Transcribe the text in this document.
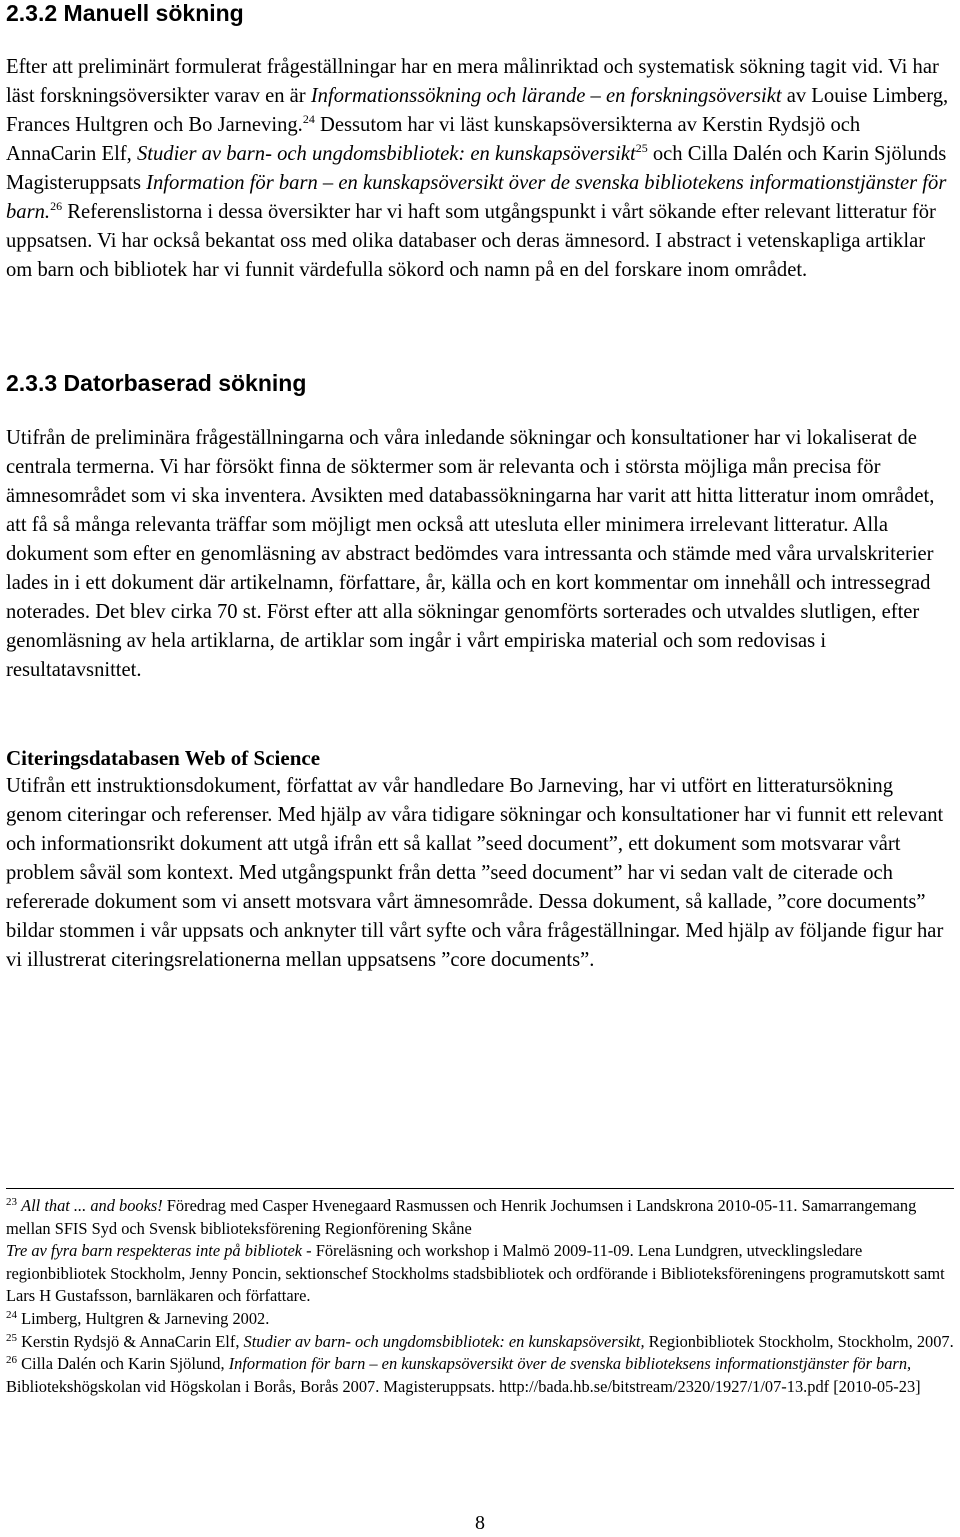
2.3.2 Manuell sökning

Efter att preliminärt formulerat frågeställningar har en mera målinriktad och systematisk sökning tagit vid. Vi har läst forskningsöversikter varav en är Informationssökning och lärande – en forskningsöversikt av Louise Limberg, Frances Hultgren och Bo Jarneving.$^{24}$ Dessutom har vi läst kunskapsöversikterna av Kerstin Rydsjö och AnnaCarin Elf, Studier av barn- och ungdomsbibliotek: en kunskapsöversikt$^{25}$ och Cilla Dalén och Karin Sjölunds Magisteruppsats Information för barn – en kunskapsöversikt över de svenska bibliotekens informationstjänster för barn.$^{26}$ Referenslistorna i dessa översikter har vi haft som utgångspunkt i vårt sökande efter relevant litteratur för uppsatsen. Vi har också bekantat oss med olika databaser och deras ämnesord. I abstract i vetenskapliga artiklar om barn och bibliotek har vi funnit värdefulla sökord och namn på en del forskare inom området.

2.3.3 Datorbaserad sökning

Utifrån de preliminära frågeställningarna och våra inledande sökningar och konsultationer har vi lokaliserat de centrala termerna. Vi har försökt finna de söktermer som är relevanta och i största möjliga mån precisa för ämnesområdet som vi ska inventera. Avsikten med databassökningarna har varit att hitta litteratur inom området, att få så många relevanta träffar som möjligt men också att utesluta eller minimera irrelevant litteratur. Alla dokument som efter en genomläsning av abstract bedömdes vara intressanta och stämde med våra urvalskriterier lades in i ett dokument där artikelnamn, författare, år, källa och en kort kommentar om innehåll och intressegrad noterades. Det blev cirka 70 st. Först efter att alla sökningar genomförts sorterades och utvaldes slutligen, efter genomläsning av hela artiklarna, de artiklar som ingår i vårt empiriska material och som redovisas i resultatavsnittet.

Citeringsdatabasen Web of Science

Utifrån ett instruktionsdokument, författat av vår handledare Bo Jarneving, har vi utfört en litteratursökning genom citeringar och referenser. Med hjälp av våra tidigare sökningar och konsultationer har vi funnit ett relevant och informationsrikt dokument att utgå ifrån ett så kallat ”seed document”, ett dokument som motsvarar vårt problem såväl som kontext. Med utgångspunkt från detta ”seed document” har vi sedan valt de citerade och refererade dokument som vi ansett motsvara vårt ämnesområde. Dessa dokument, så kallade, ”core documents” bildar stommen i vår uppsats och anknyter till vårt syfte och våra frågeställningar. Med hjälp av följande figur har vi illustrerat citeringsrelationerna mellan uppsatsens ”core documents”.

$^{23}$ All that ... and books! Föredrag med Casper Hvenegaard Rasmussen och Henrik Jochumsen i Landskrona 2010-05-11. Samarrangemang mellan SFIS Syd och Svensk biblioteksförening Regionförening Skåne

Tre av fyra barn respekteras inte på bibliotek - Föreläsning och workshop i Malmö 2009-11-09. Lena Lundgren, utvecklingsledare regionbibliotek Stockholm, Jenny Poncin, sektionschef Stockholms stadsbibliotek och ordförande i Biblioteksföreningens programutskott samt Lars H Gustafsson, barnläkaren och författare.

$^{24}$ Limberg, Hultgren & Jarneving 2002.

$^{25}$ Kerstin Rydsjö & AnnaCarin Elf, Studier av barn- och ungdomsbibliotek: en kunskapsöversikt, Regionbibliotek Stockholm, Stockholm, 2007.

$^{26}$ Cilla Dalén och Karin Sjölund, Information för barn – en kunskapsöversikt över de svenska biblioteksens informationstjänster för barn, Bibliotekshögskolan vid Högskolan i Borås, Borås 2007. Magisteruppsats. http://bada.hb.se/bitstream/2320/1927/1/07-13.pdf [2010-05-23]

8
